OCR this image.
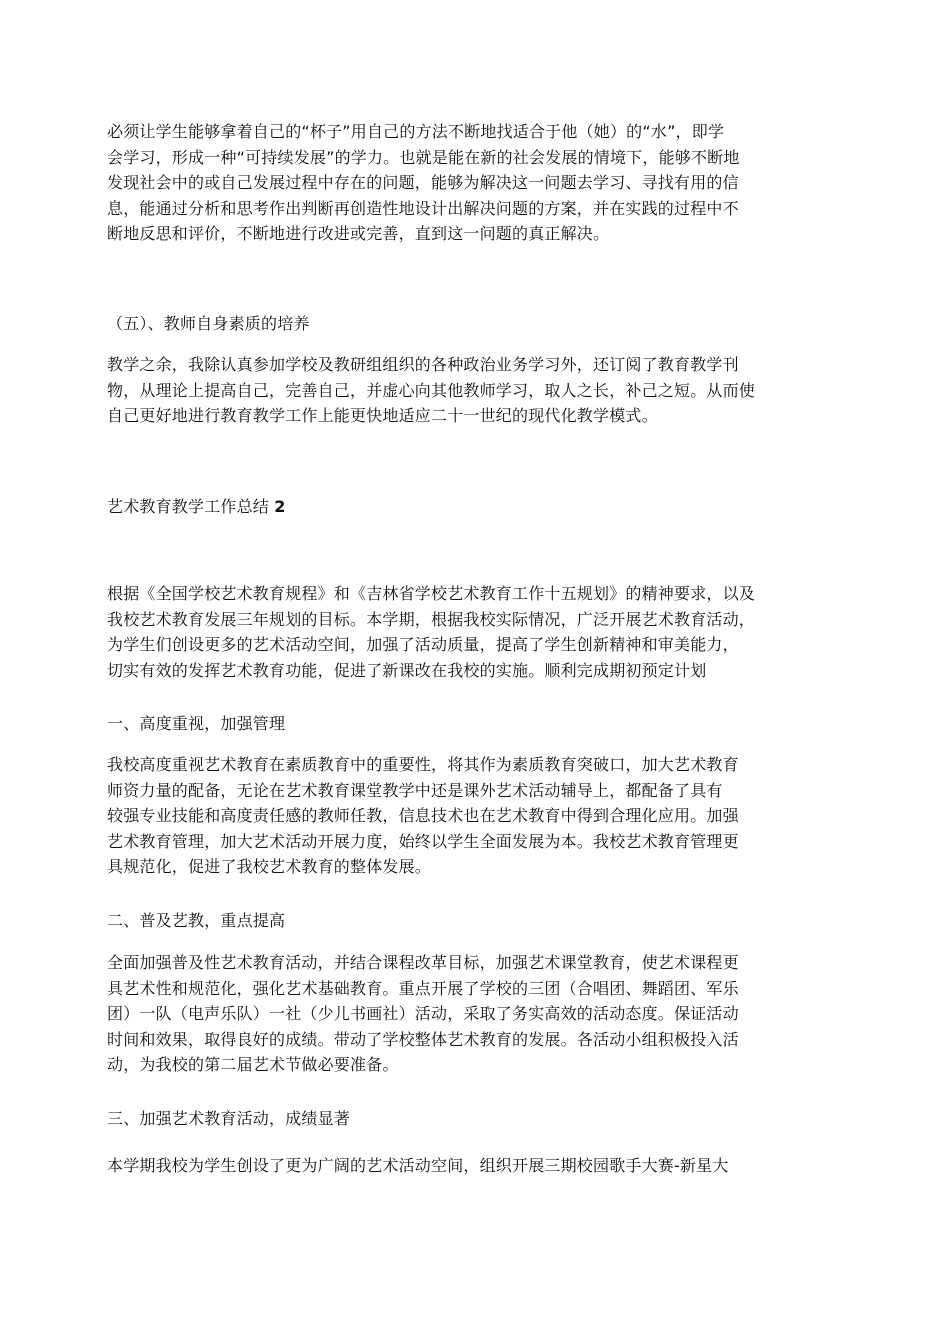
必须让学生能够拿着自己的“杯子”用自己的方法不断地找适合于他（她）的“水”，即学
会学习，形成一种“可持续发展”的学力。也就是能在新的社会发展的情境下，能够不断地
发现社会中的或自己发展过程中存在的问题，能够为解决这一问题去学习、寻找有用的信
息，能通过分析和思考作出判断再创造性地设计出解决问题的方案，并在实践的过程中不
断地反思和评价，不断地进行改进或完善，直到这一问题的真正解决。

（五）、教师自身素质的培养

教学之余，我除认真参加学校及教研组组织的各种政治业务学习外，还订阅了教育教学刊
物，从理论上提高自己，完善自己，并虚心向其他教师学习，取人之长，补己之短。从而使
自己更好地进行教育教学工作上能更快地适应二十一世纪的现代化教学模式。

艺术教育教学工作总结 2

根据《全国学校艺术教育规程》和《吉林省学校艺术教育工作十五规划》的精神要求，以及
我校艺术教育发展三年规划的目标。本学期，根据我校实际情况，广泛开展艺术教育活动，
为学生们创设更多的艺术活动空间，加强了活动质量，提高了学生创新精神和审美能力，
切实有效的发挥艺术教育功能，促进了新课改在我校的实施。顺利完成期初预定计划

一、高度重视，加强管理

我校高度重视艺术教育在素质教育中的重要性，将其作为素质教育突破口，加大艺术教育
师资力量的配备，无论在艺术教育课堂教学中还是课外艺术活动辅导上，都配备了具有
较强专业技能和高度责任感的教师任教，信息技术也在艺术教育中得到合理化应用。加强
艺术教育管理，加大艺术活动开展力度，始终以学生全面发展为本。我校艺术教育管理更
具规范化，促进了我校艺术教育的整体发展。

二、普及艺教，重点提高

全面加强普及性艺术教育活动，并结合课程改革目标，加强艺术课堂教育，使艺术课程更
具艺术性和规范化，强化艺术基础教育。重点开展了学校的三团（合唱团、舞蹈团、军乐
团）一队（电声乐队）一社（少儿书画社）活动，采取了务实高效的活动态度。保证活动
时间和效果，取得良好的成绩。带动了学校整体艺术教育的发展。各活动小组积极投入活
动，为我校的第二届艺术节做必要准备。

三、加强艺术教育活动，成绩显著

本学期我校为学生创设了更为广阔的艺术活动空间，组织开展三期校园歌手大赛-新星大
